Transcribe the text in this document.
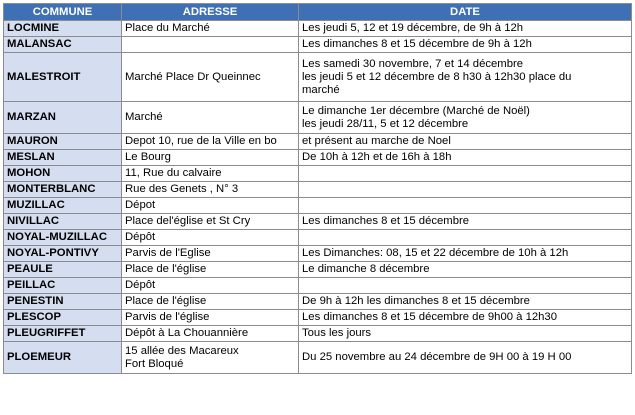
COMMUNE	ADRESSE	DATE
LOCMINE	Place du Marché	Les jeudi 5, 12 et 19 décembre, de 9h à 12h

MALANSAC		Les dimanches 8 et 15 décembre de 9h à 12h

MALESTROIT	Marché Place Dr Queinnec	Les samedi 30 novembre, 7 et 14 décembre
les jeudi 5 et 12 décembre de 8 h30 à 12h30 place du
marché

MARZAN	Marché	Le dimanche 1er décembre (Marché de Noël)
les jeudi 28/11, 5 et 12 décembre

MAURON	Depot 10, rue de la Ville en bo	et présent au marche de Noel

MESLAN	Le Bourg	De 10h à 12h et de 16h à 18h

MOHON	11, Rue du calvaire	

MONTERBLANC	Rue des Genets , N° 3	

MUZILLAC	Dépot	

NIVILLAC	Place del'église et St Cry	Les dimanches 8 et 15 décembre

NOYAL-MUZILLAC	Dépôt	

NOYAL-PONTIVY	Parvis de l'Eglise	Les Dimanches: 08, 15 et 22 décembre de 10h à 12h

PEAULE	Place de l'église	Le dimanche 8 décembre

PEILLAC	Dépôt	

PENESTIN	Place de l'église	De 9h à 12h les dimanches 8 et 15 décembre

PLESCOP	Parvis de l'église	Les dimanches 8 et 15 décembre de 9h00 à 12h30

PLEUGRIFFET	Dépôt à La Chouannière	Tous les jours

PLOEMEUR	15 allée des Macareux
Fort Bloqué	Du 25 novembre au 24 décembre de 9H 00 à 19 H 00
